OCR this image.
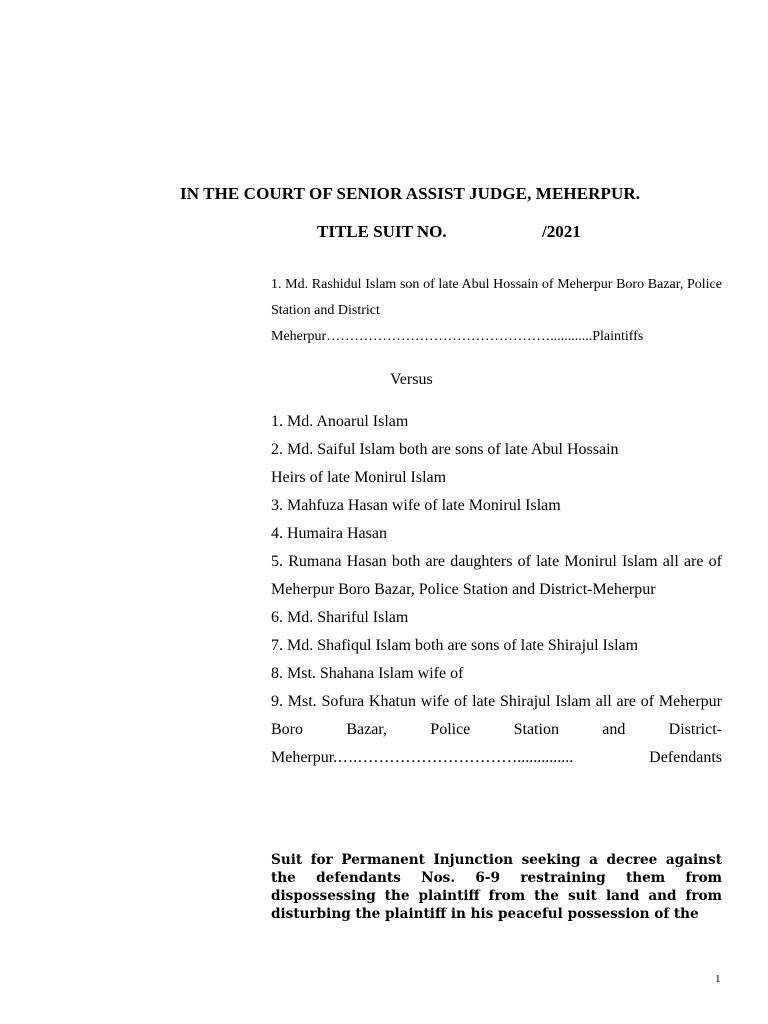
IN THE COURT OF SENIOR ASSIST JUDGE, MEHERPUR.
TITLE SUIT NO.	/2021
1. Md. Rashidul Islam son of late Abul Hossain of Meherpur Boro Bazar, Police Station and District
Meherpur…………………………………………............Plaintiffs
Versus
1. Md. Anoarul Islam
2. Md. Saiful Islam both are sons of late Abul Hossain
Heirs of late Monirul Islam
3. Mahfuza Hasan wife of late Monirul Islam
4. Humaira Hasan
5. Rumana Hasan both are daughters of late Monirul Islam all are of Meherpur Boro Bazar, Police Station and District-Meherpur
6. Md. Shariful Islam
7. Md. Shafiqul Islam both are sons of late Shirajul Islam
8. Mst. Shahana Islam wife of
9. Mst. Sofura Khatun wife of late Shirajul Islam all are of Meherpur Boro Bazar, Police Station and District-
Meherpur.….………………………….............. Defendants
Suit for Permanent Injunction seeking a decree against the defendants Nos. 6-9 restraining them from dispossessing the plaintiff from the suit land and from disturbing the plaintiff in his peaceful possession of the
1
